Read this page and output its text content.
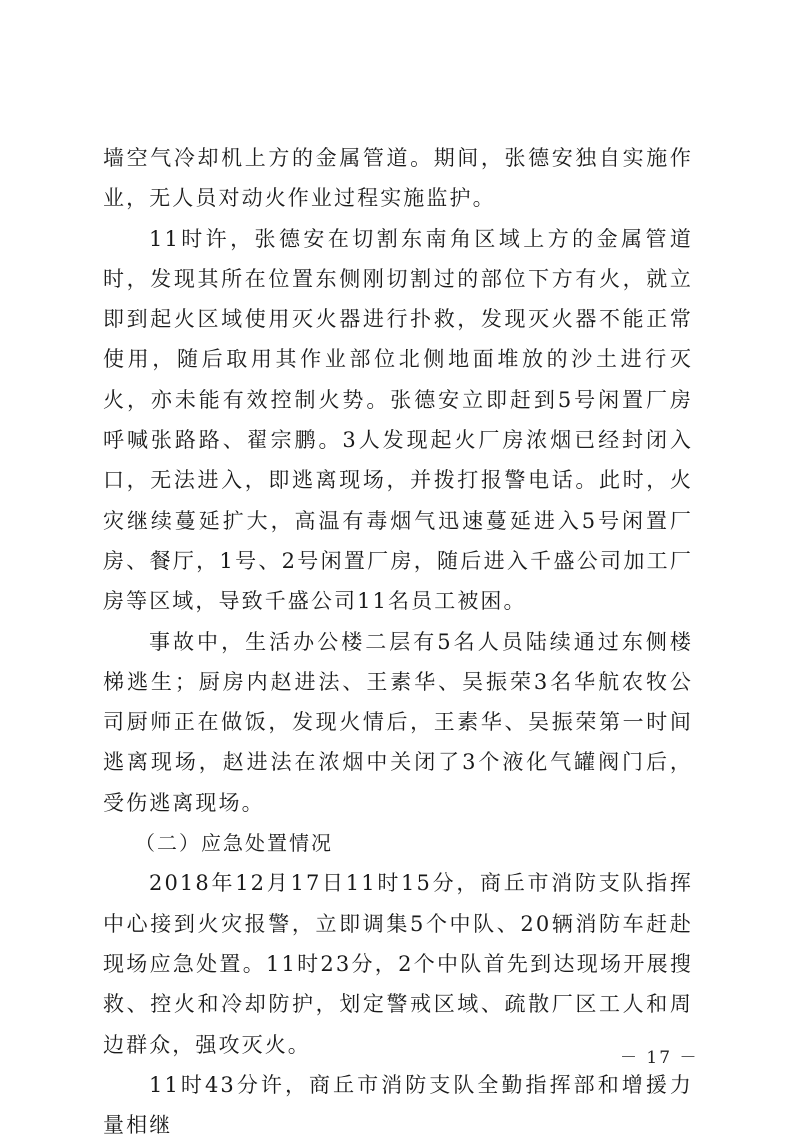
墙空气冷却机上方的金属管道。期间，张德安独自实施作业，无人员对动火作业过程实施监护。

11时许，张德安在切割东南角区域上方的金属管道时，发现其所在位置东侧刚切割过的部位下方有火，就立即到起火区域使用灭火器进行扑救，发现灭火器不能正常使用，随后取用其作业部位北侧地面堆放的沙土进行灭火，亦未能有效控制火势。张德安立即赶到5号闲置厂房呼喊张路路、翟宗鹏。3人发现起火厂房浓烟已经封闭入口，无法进入，即逃离现场，并拨打报警电话。此时，火灾继续蔓延扩大，高温有毒烟气迅速蔓延进入5号闲置厂房、餐厅，1号、2号闲置厂房，随后进入千盛公司加工厂房等区域，导致千盛公司11名员工被困。

事故中，生活办公楼二层有5名人员陆续通过东侧楼梯逃生；厨房内赵进法、王素华、吴振荣3名华航农牧公司厨师正在做饭，发现火情后，王素华、吴振荣第一时间逃离现场，赵进法在浓烟中关闭了3个液化气罐阀门后，受伤逃离现场。

（二）应急处置情况

2018年12月17日11时15分，商丘市消防支队指挥中心接到火灾报警，立即调集5个中队、20辆消防车赶赴现场应急处置。11时23分，2个中队首先到达现场开展搜救、控火和冷却防护，划定警戒区域、疏散厂区工人和周边群众，强攻灭火。

11时43分许，商丘市消防支队全勤指挥部和增援力量相继

－ 17 －
